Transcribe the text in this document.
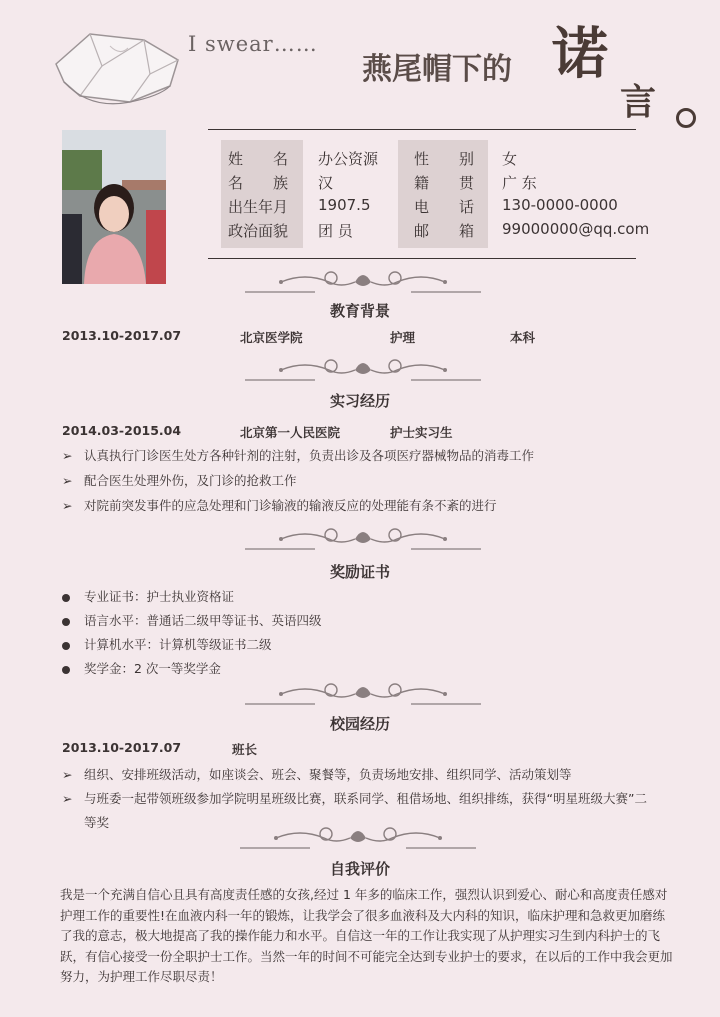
I swear……
燕尾帽下的 诺
言
姓　　名 办公资源 性　　别 女
名　　族 汉	籍　　贯 广 东
出生年月 1907.5	电　　话 130-0000-0000
政治面貌 团 员	邮　　箱 99000000@qq.com
教育背景
2013.10-2017.07	北京医学院	护理	本科
实习经历
2014.03-2015.04	北京第一人民医院	护士实习生
➢ 认真执行门诊医生处方各种针剂的注射，负责出诊及各项医疗器械物品的消毒工作
➢ 配合医生处理外伤，及门诊的抢救工作
➢ 对院前突发事件的应急处理和门诊输液的输液反应的处理能有条不紊的进行
奖励证书
专业证书：护士执业资格证
语言水平：普通话二级甲等证书、英语四级
计算机水平：计算机等级证书二级
奖学金：2 次一等奖学金
校园经历
2013.10-2017.07	班长
➢ 组织、安排班级活动，如座谈会、班会、聚餐等，负责场地安排、组织同学、活动策划等
➢ 与班委一起带领班级参加学院明星班级比赛，联系同学、租借场地、组织排练，获得“明星班级大赛”二
等奖
自我评价
我是一个充满自信心且具有高度责任感的女孩,经过 1 年多的临床工作，强烈认识到爱心、耐心和高度责任感对护理工作的重要性!在血液内科一年的锻炼，让我学会了很多血液科及大内科的知识，临床护理和急救更加磨练了我的意志，极大地提高了我的操作能力和水平。自信这一年的工作让我实现了从护理实习生到内科护士的飞跃，有信心接受一份全职护士工作。当然一年的时间不可能完全达到专业护士的要求，在以后的工作中我会更加努力，为护理工作尽职尽责！
